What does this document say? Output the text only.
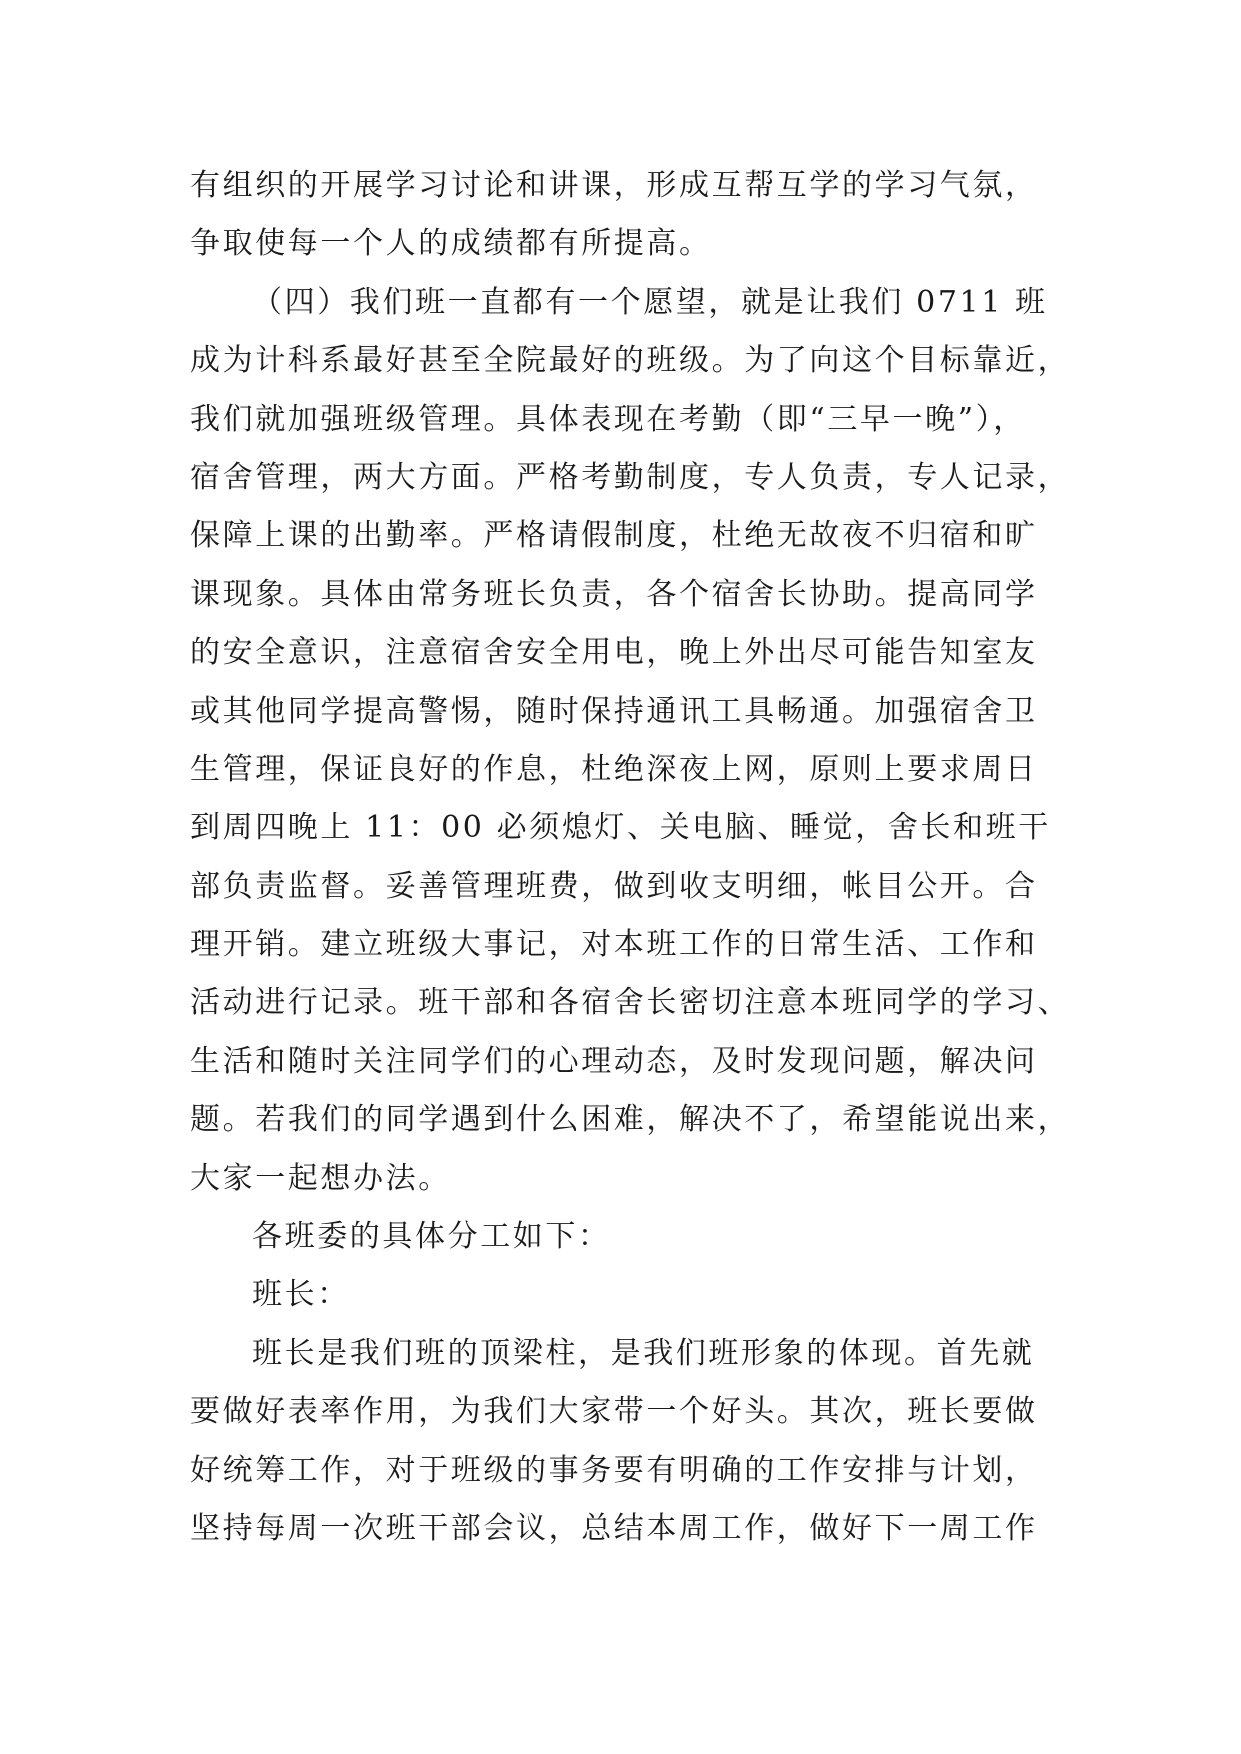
有组织的开展学习讨论和讲课，形成互帮互学的学习气氛，
争取使每一个人的成绩都有所提高。
（四）我们班一直都有一个愿望，就是让我们 0711 班
成为计科系最好甚至全院最好的班级。为了向这个目标靠近，
我们就加强班级管理。具体表现在考勤（即“三早一晚”），
宿舍管理，两大方面。严格考勤制度，专人负责，专人记录，
保障上课的出勤率。严格请假制度，杜绝无故夜不归宿和旷
课现象。具体由常务班长负责，各个宿舍长协助。提高同学
的安全意识，注意宿舍安全用电，晚上外出尽可能告知室友
或其他同学提高警惕，随时保持通讯工具畅通。加强宿舍卫
生管理，保证良好的作息，杜绝深夜上网，原则上要求周日
到周四晚上 11：00 必须熄灯、关电脑、睡觉，舍长和班干
部负责监督。妥善管理班费，做到收支明细，帐目公开。合
理开销。建立班级大事记，对本班工作的日常生活、工作和
活动进行记录。班干部和各宿舍长密切注意本班同学的学习、
生活和随时关注同学们的心理动态，及时发现问题，解决问
题。若我们的同学遇到什么困难，解决不了，希望能说出来，
大家一起想办法。
各班委的具体分工如下：
班长：
班长是我们班的顶梁柱，是我们班形象的体现。首先就
要做好表率作用，为我们大家带一个好头。其次，班长要做
好统筹工作，对于班级的事务要有明确的工作安排与计划，
坚持每周一次班干部会议，总结本周工作，做好下一周工作
